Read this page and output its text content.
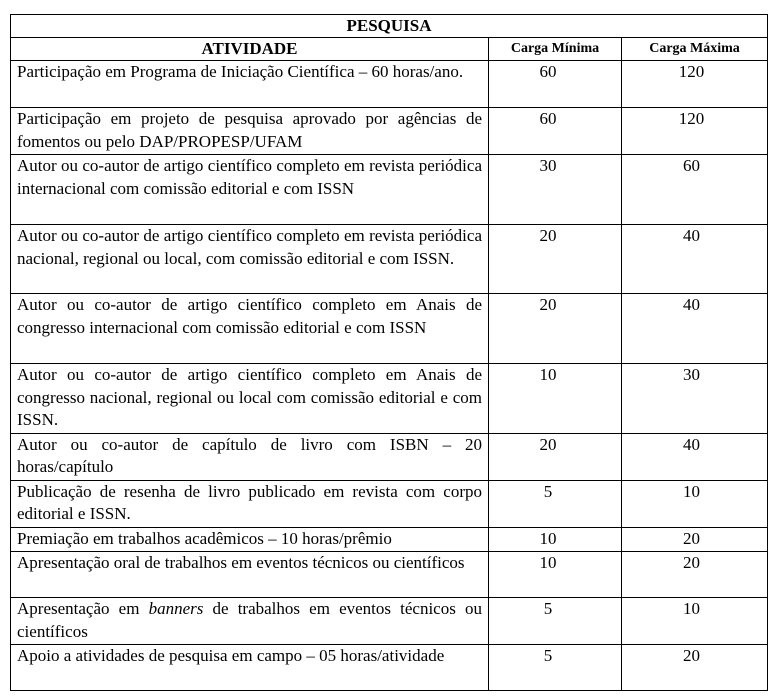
PESQUISA		
ATIVIDADE	Carga Mínima	Carga Máxima
Participação em Programa de Iniciação Científica – 60 horas/ano.	60	120
Participação em projeto de pesquisa aprovado por agências de fomentos ou pelo DAP/PROPESP/UFAM	60	120
Autor ou co-autor de artigo científico completo em revista periódica internacional com comissão editorial e com ISSN	30	60
Autor ou co-autor de artigo científico completo em revista periódica nacional, regional ou local, com comissão editorial e com ISSN.	20	40
Autor ou co-autor de artigo científico completo em Anais de congresso internacional com comissão editorial e com ISSN	20	40
Autor ou co-autor de artigo científico completo em Anais de congresso nacional, regional ou local com comissão editorial e com ISSN.	10	30
Autor ou co-autor de capítulo de livro com ISBN – 20 horas/capítulo	20	40
Publicação de resenha de livro publicado em revista com corpo editorial e ISSN.	5	10
Premiação em trabalhos acadêmicos – 10 horas/prêmio	10	20
Apresentação oral de trabalhos em eventos técnicos ou científicos	10	20
Apresentação em banners de trabalhos em eventos técnicos ou científicos	5	10
Apoio a atividades de pesquisa em campo – 05 horas/atividade	5	20
